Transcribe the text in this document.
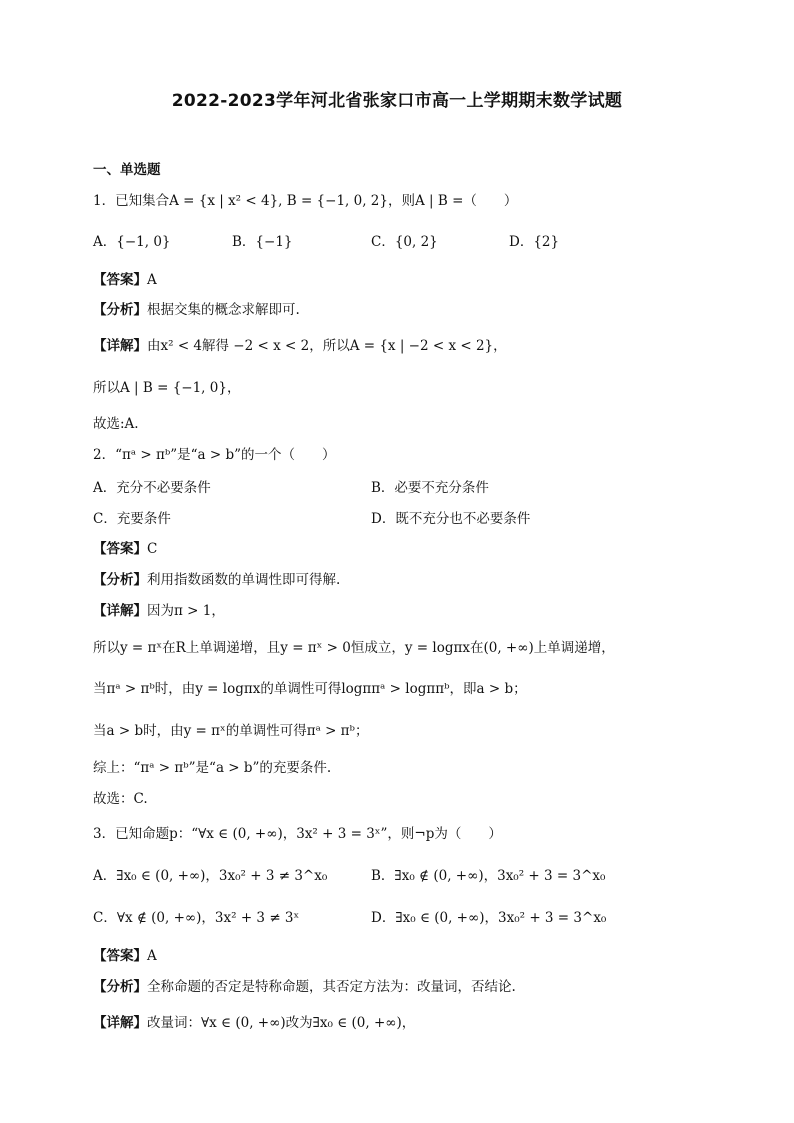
2022-2023学年河北省张家口市高一上学期期末数学试题
一、单选题
1．已知集合A = {x | x² < 4}, B = {−1, 0, 2}，则A | B =（　　）
A．{−1, 0}	B．{−1}	C．{0, 2}	D．{2}
【答案】A
【分析】根据交集的概念求解即可.
【详解】由x² < 4解得 −2 < x < 2，所以A = {x | −2 < x < 2}，
所以A | B = {−1, 0}，
故选:A.
2．“πᵃ > πᵇ”是“a > b”的一个（　　）
A．充分不必要条件	B．必要不充分条件
C．充要条件	D．既不充分也不必要条件
【答案】C
【分析】利用指数函数的单调性即可得解.
【详解】因为π > 1，
所以y = πˣ在R上单调递增，且y = πˣ > 0恒成立，y = logπx在(0, +∞)上单调递增，
当πᵃ > πᵇ时，由y = logπx的单调性可得logππᵃ > logππᵇ，即a > b；
当a > b时，由y = πˣ的单调性可得πᵃ > πᵇ；
综上：“πᵃ > πᵇ”是“a > b”的充要条件.
故选：C.
3．已知命题p：“∀x ∈ (0, +∞)，3x² + 3 = 3ˣ”，则¬p为（　　）
A．∃x₀ ∈ (0, +∞)，3x₀² + 3 ≠ 3^x₀	B．∃x₀ ∉ (0, +∞)，3x₀² + 3 = 3^x₀
C．∀x ∉ (0, +∞)，3x² + 3 ≠ 3ˣ	D．∃x₀ ∈ (0, +∞)，3x₀² + 3 = 3^x₀
【答案】A
【分析】全称命题的否定是特称命题，其否定方法为：改量词，否结论.
【详解】改量词：∀x ∈ (0, +∞)改为∃x₀ ∈ (0, +∞)，
